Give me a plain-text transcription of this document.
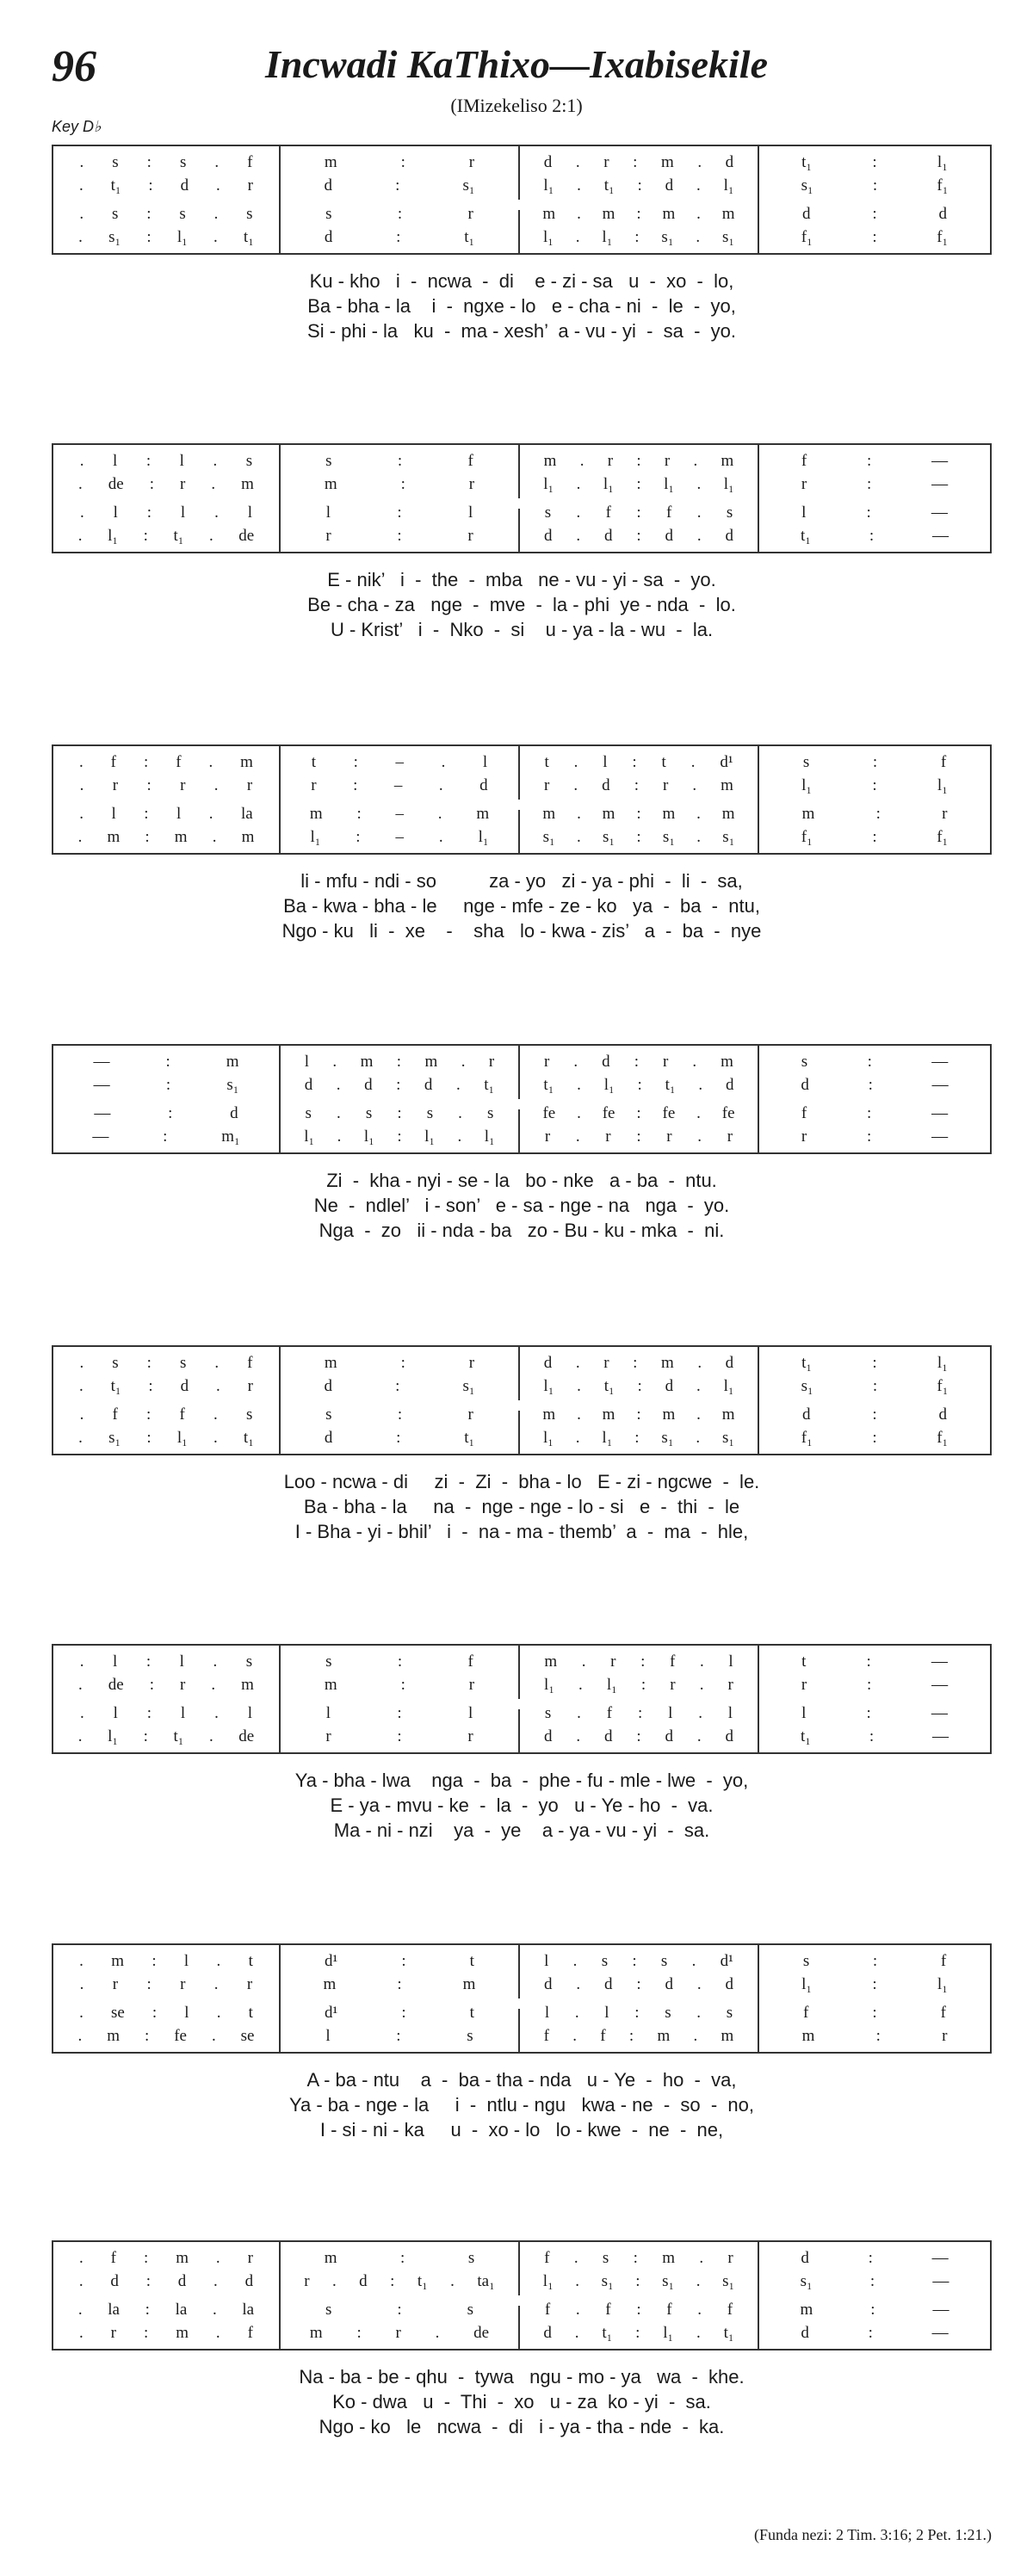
96	Incwadi KaThixo—Ixabisekile
(IMizekeliso 2:1)
Key D♭
. s : s . f	m	:	r	d . r : m . d	t₁	:	l₁
. t₁ : d . r	d	:	s₁	l₁ . t₁ : d . l₁	s₁	:	f₁
. s : s . s	s	:	r	m . m : m . m	d	:	d
. s₁ : l₁ . t₁	d	:	t₁	l₁ . l₁ : s₁ . s₁	f₁	:	f₁
Ku - kho   i  -  ncwa  -  di    e - zi - sa   u  -  xo  -  lo,
Ba - bha - la    i  -  ngxe - lo   e - cha - ni  -  le  -  yo,
Si - phi - la   ku  -  ma - xesh’  a - vu - yi  -  sa  -  yo.
. l : l . s	s	:	f	m . r : r . m	f	:	—
. de : r . m	m	:	r	l₁ . l₁ : l₁ . l₁	r	:	—
. l : l . l	l	:	l	s . f : f . s	l	:	—
. l₁ : t₁ . de	r	:	r	d . d : d . d	t₁	:	—
E - nik’   i  -  the  -  mba   ne - vu - yi - sa  -  yo.
Be - cha - za   nge  -  mve  -  la - phi  ye - nda  -  lo.
U - Krist’   i  -  Nko  -  si    u - ya - la - wu  -  la.
. f : f . m	t : – . l	t . l : t . d¹	s	:	f
. r : r . r	r : – . d	r . d : r . m	l₁	:	l₁
. l : l . la	m : – . m	m . m : m . m	m	:	r
. m : m . m	l₁ : – . l₁	s₁ . s₁ : s₁ . s₁	f₁	:	f₁
li - mfu - ndi - so          za - yo   zi - ya - phi  -  li  -  sa,
Ba - kwa - bha - le     nge - mfe - ze - ko   ya  -  ba  -  ntu,
Ngo - ku   li  -  xe    -    sha   lo - kwa - zis’   a  -  ba  -  nye
—	:	m	l . m : m . r	r . d : r . m	s	:	—
—	:	s₁	d . d : d . t₁	t₁ . l₁ : t₁ . d	d	:	—
—	:	d	s . s : s . s	fe . fe : fe . fe	f	:	—
—	:	m₁	l₁ . l₁ : l₁ . l₁	r . r : r . r	r	:	—
Zi  -  kha - nyi - se - la   bo - nke   a - ba  -  ntu.
Ne  -  ndlel’   i - son’   e - sa - nge - na   nga  -  yo.
Nga  -  zo   ii - nda - ba   zo - Bu - ku - mka  -  ni.
. s : s . f	m	:	r	d . r : m . d	t₁	:	l₁
. t₁ : d . r	d	:	s₁	l₁ . t₁ : d . l₁	s₁	:	f₁
. f : f . s	s	:	r	m . m : m . m	d	:	d
. s₁ : l₁ . t₁	d	:	t₁	l₁ . l₁ : s₁ . s₁	f₁	:	f₁
Loo - ncwa - di     zi  -  Zi  -  bha - lo   E - zi - ngcwe  -  le.
Ba - bha - la     na  -  nge - nge - lo - si   e  -  thi  -  le
I - Bha - yi - bhil’   i  -  na - ma - themb’  a  -  ma  -  hle,
. l : l . s	s	:	f	m . r : f . l	t	:	—
. de : r . m	m	:	r	l₁ . l₁ : r . r	r	:	—
. l : l . l	l	:	l	s . f : l . l	l	:	—
. l₁ : t₁ . de	r	:	r	d . d : d . d	t₁	:	—
Ya - bha - lwa    nga  -  ba  -  phe - fu - mle - lwe  -  yo,
E - ya - mvu - ke  -  la  -  yo   u - Ye - ho  -  va.
Ma - ni - nzi    ya  -  ye    a - ya - vu - yi  -  sa.
. m : l . t	d¹	:	t	l . s : s . d¹	s	:	f
. r : r . r	m	:	m	d . d : d . d	l₁	:	l₁
. se : l . t	d¹	:	t	l . l : s . s	f	:	f
. m : fe . se	l	:	s	f . f : m . m	m	:	r
A - ba - ntu    a  -  ba - tha - nda   u - Ye  -  ho  -  va,
Ya - ba - nge - la     i  -  ntlu - ngu   kwa - ne  -  so  -  no,
I - si - ni - ka     u  -  xo - lo   lo - kwe  -  ne  -  ne,
. f : m . r	m	:	s	f . s : m . r	d	:	—
. d : d . d	r . d : t₁ . ta₁	l₁ . s₁ : s₁ . s₁	s₁	:	—
. la : la . la	s	:	s	f . f : f . f	m	:	—
. r : m . f	m : r . de	d . t₁ : l₁ . t₁	d	:	—
Na - ba - be - qhu  -  tywa   ngu - mo - ya   wa  -  khe.
Ko - dwa   u  -  Thi  -  xo   u - za  ko - yi  -  sa.
Ngo - ko   le   ncwa  -  di   i - ya - tha - nde  -  ka.
(Funda nezi: 2 Tim. 3:16; 2 Pet. 1:21.)
